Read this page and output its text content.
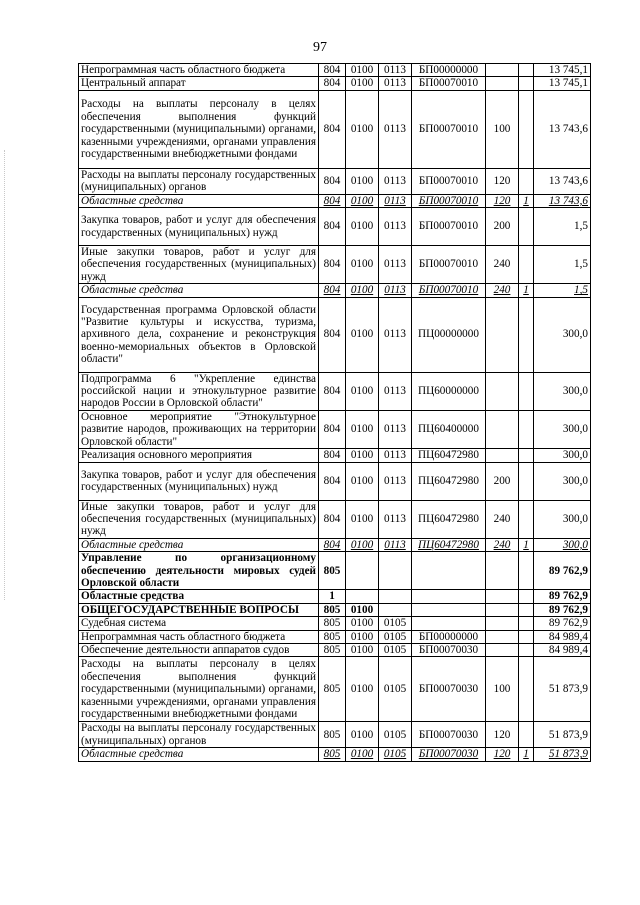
97
Непрограммная часть областного бюджета	804	0100	0113	БП00000000			13 745,1
Центральный аппарат	804	0100	0113	БП00070010			13 745,1
Расходы на выплаты персоналу в целях обеспечения выполнения функций государственными (муниципальными) органами, казенными учреждениями, органами управления государственными внебюджетными фондами	804	0100	0113	БП00070010	100		13 743,6
Расходы на выплаты персоналу государственных (муниципальных) органов	804	0100	0113	БП00070010	120		13 743,6
Областные средства	804	0100	0113	БП00070010	120	1	13 743,6
Закупка товаров, работ и услуг для обеспечения государственных (муниципальных) нужд	804	0100	0113	БП00070010	200		1,5
Иные закупки товаров, работ и услуг для обеспечения государственных (муниципальных) нужд	804	0100	0113	БП00070010	240		1,5
Областные средства	804	0100	0113	БП00070010	240	1	1,5
Государственная программа Орловской области "Развитие культуры и искусства, туризма, архивного дела, сохранение и реконструкция военно-мемориальных объектов в Орловской области"	804	0100	0113	ПЦ00000000			300,0
Подпрограмма 6 "Укрепление единства российской нации и этнокультурное развитие народов России в Орловской области"	804	0100	0113	ПЦ60000000			300,0
Основное мероприятие "Этнокультурное развитие народов, проживающих на территории Орловской области"	804	0100	0113	ПЦ60400000			300,0
Реализация основного мероприятия	804	0100	0113	ПЦ60472980			300,0
Закупка товаров, работ и услуг для обеспечения государственных (муниципальных) нужд	804	0100	0113	ПЦ60472980	200		300,0
Иные закупки товаров, работ и услуг для обеспечения государственных (муниципальных) нужд	804	0100	0113	ПЦ60472980	240		300,0
Областные средства	804	0100	0113	ПЦ60472980	240	1	300,0
Управление по организационному обеспечению деятельности мировых судей Орловской области	805						89 762,9
Областные средства	1						89 762,9
ОБЩЕГОСУДАРСТВЕННЫЕ ВОПРОСЫ	805	0100					89 762,9
Судебная система	805	0100	0105				89 762,9
Непрограммная часть областного бюджета	805	0100	0105	БП00000000			84 989,4
Обеспечение деятельности аппаратов судов	805	0100	0105	БП00070030			84 989,4
Расходы на выплаты персоналу в целях обеспечения выполнения функций государственными (муниципальными) органами, казенными учреждениями, органами управления государственными внебюджетными фондами	805	0100	0105	БП00070030	100		51 873,9
Расходы на выплаты персоналу государственных (муниципальных) органов	805	0100	0105	БП00070030	120		51 873,9
Областные средства	805	0100	0105	БП00070030	120	1	51 873,9
